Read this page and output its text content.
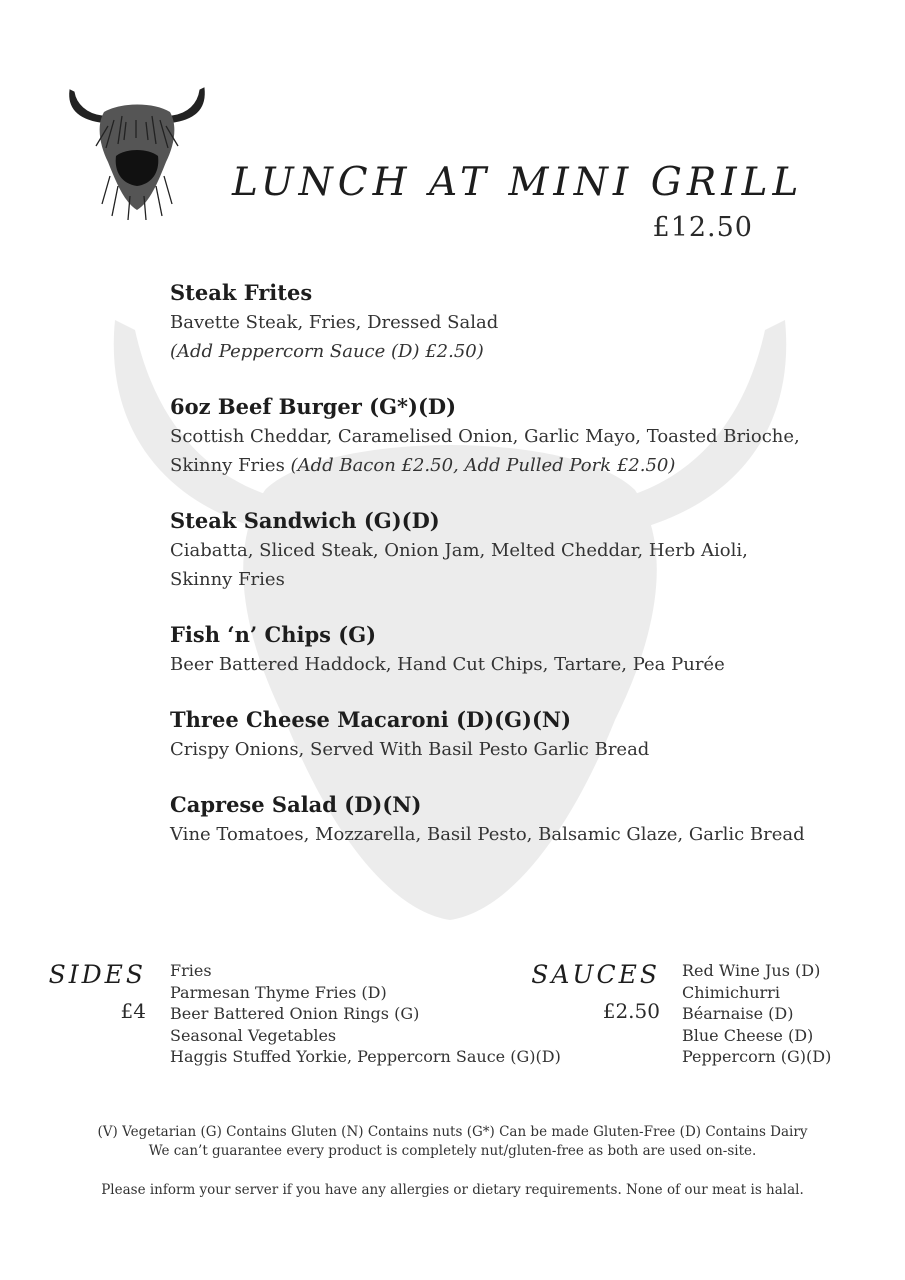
LUNCH AT MINI GRILL
£12.50
Steak Frites
Bavette Steak, Fries, Dressed Salad
(Add Peppercorn Sauce (D) £2.50)
6oz Beef Burger (G*)(D)
Scottish Cheddar, Caramelised Onion, Garlic Mayo, Toasted Brioche,
Skinny Fries (Add Bacon £2.50, Add Pulled Pork £2.50)
Steak Sandwich (G)(D)
Ciabatta, Sliced Steak, Onion Jam, Melted Cheddar, Herb Aioli,
Skinny Fries
Fish ‘n’ Chips (G)
Beer Battered Haddock, Hand Cut Chips, Tartare, Pea Purée
Three Cheese Macaroni (D)(G)(N)
Crispy Onions, Served With Basil Pesto Garlic Bread
Caprese Salad (D)(N)
Vine Tomatoes, Mozzarella, Basil Pesto, Balsamic Glaze, Garlic Bread
SIDES
£4
Fries
Parmesan Thyme Fries (D)
Beer Battered Onion Rings (G)
Seasonal Vegetables
Haggis Stuffed Yorkie, Peppercorn Sauce (G)(D)
SAUCES
£2.50
Red Wine Jus (D)
Chimichurri
Béarnaise (D)
Blue Cheese (D)
Peppercorn (G)(D)
(V) Vegetarian (G) Contains Gluten (N) Contains nuts (G*) Can be made Gluten-Free (D) Contains Dairy
We can’t guarantee every product is completely nut/gluten-free as both are used on-site.
Please inform your server if you have any allergies or dietary requirements. None of our meat is halal.
